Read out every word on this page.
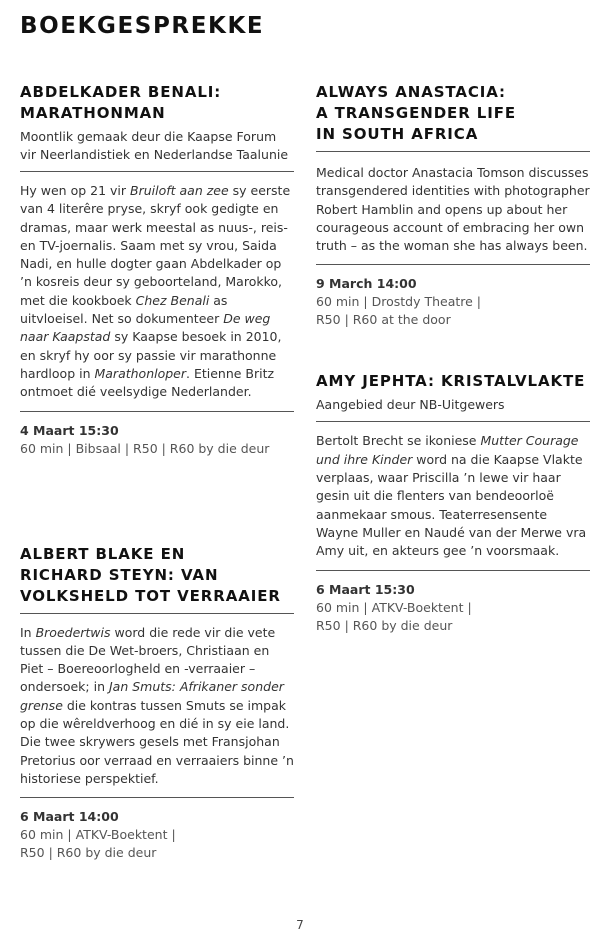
BOEKGESPREKKE
ABDELKADER BENALI:
MARATHONMAN

Moontlik gemaak deur die Kaapse Forum
vir Neerlandistiek en Nederlandse Taalunie

Hy wen op 21 vir Bruiloft aan zee sy eerste van 4 literêre pryse, skryf ook gedigte en dramas, maar werk meestal as nuus-, reis- en TV-joernalis. Saam met sy vrou, Saida Nadi, en hulle dogter gaan Abdelkader op ’n kosreis deur sy geboorteland, Marokko, met die kookboek Chez Benali as uitvloeisel. Net so dokumenteer De weg naar Kaapstad sy Kaapse besoek in 2010, en skryf hy oor sy passie vir marathonne hardloop in Marathonloper. Etienne Britz ontmoet dié veelsydige Nederlander.

4 Maart 15:30

60 min | Bibsaal | R50 | R60 by die deur

ALBERT BLAKE EN
RICHARD STEYN: VAN
VOLKSHELD TOT VERRAAIER

In Broedertwis word die rede vir die vete tussen die De Wet-broers, Christiaan en Piet – Boereoorlogheld en -verraaier – ondersoek; in Jan Smuts: Afrikaner sonder grense die kontras tussen Smuts se impak op die wêreldverhoog en dié in sy eie land. Die twee skrywers gesels met Fransjohan Pretorius oor verraad en verraaiers binne ’n historiese perspektief.

6 Maart 14:00

60 min | ATKV-Boektent |
R50 | R60 by die deur

ALWAYS ANASTACIA:
A TRANSGENDER LIFE
IN SOUTH AFRICA

Medical doctor Anastacia Tomson discusses transgendered identities with photographer Robert Hamblin and opens up about her courageous account of embracing her own truth – as the woman she has always been.

9 March 14:00

60 min | Drostdy Theatre |
R50 | R60 at the door

AMY JEPHTA: KRISTALVLAKTE

Aangebied deur NB-Uitgewers

Bertolt Brecht se ikoniese Mutter Courage und ihre Kinder word na die Kaapse Vlakte verplaas, waar Priscilla ’n lewe vir haar gesin uit die flenters van bendeoorloë aanmekaar smous. Teaterresensente Wayne Muller en Naudé van der Merwe vra Amy uit, en akteurs gee ’n voorsmaak.

6 Maart 15:30

60 min | ATKV-Boektent |
R50 | R60 by die deur

7
